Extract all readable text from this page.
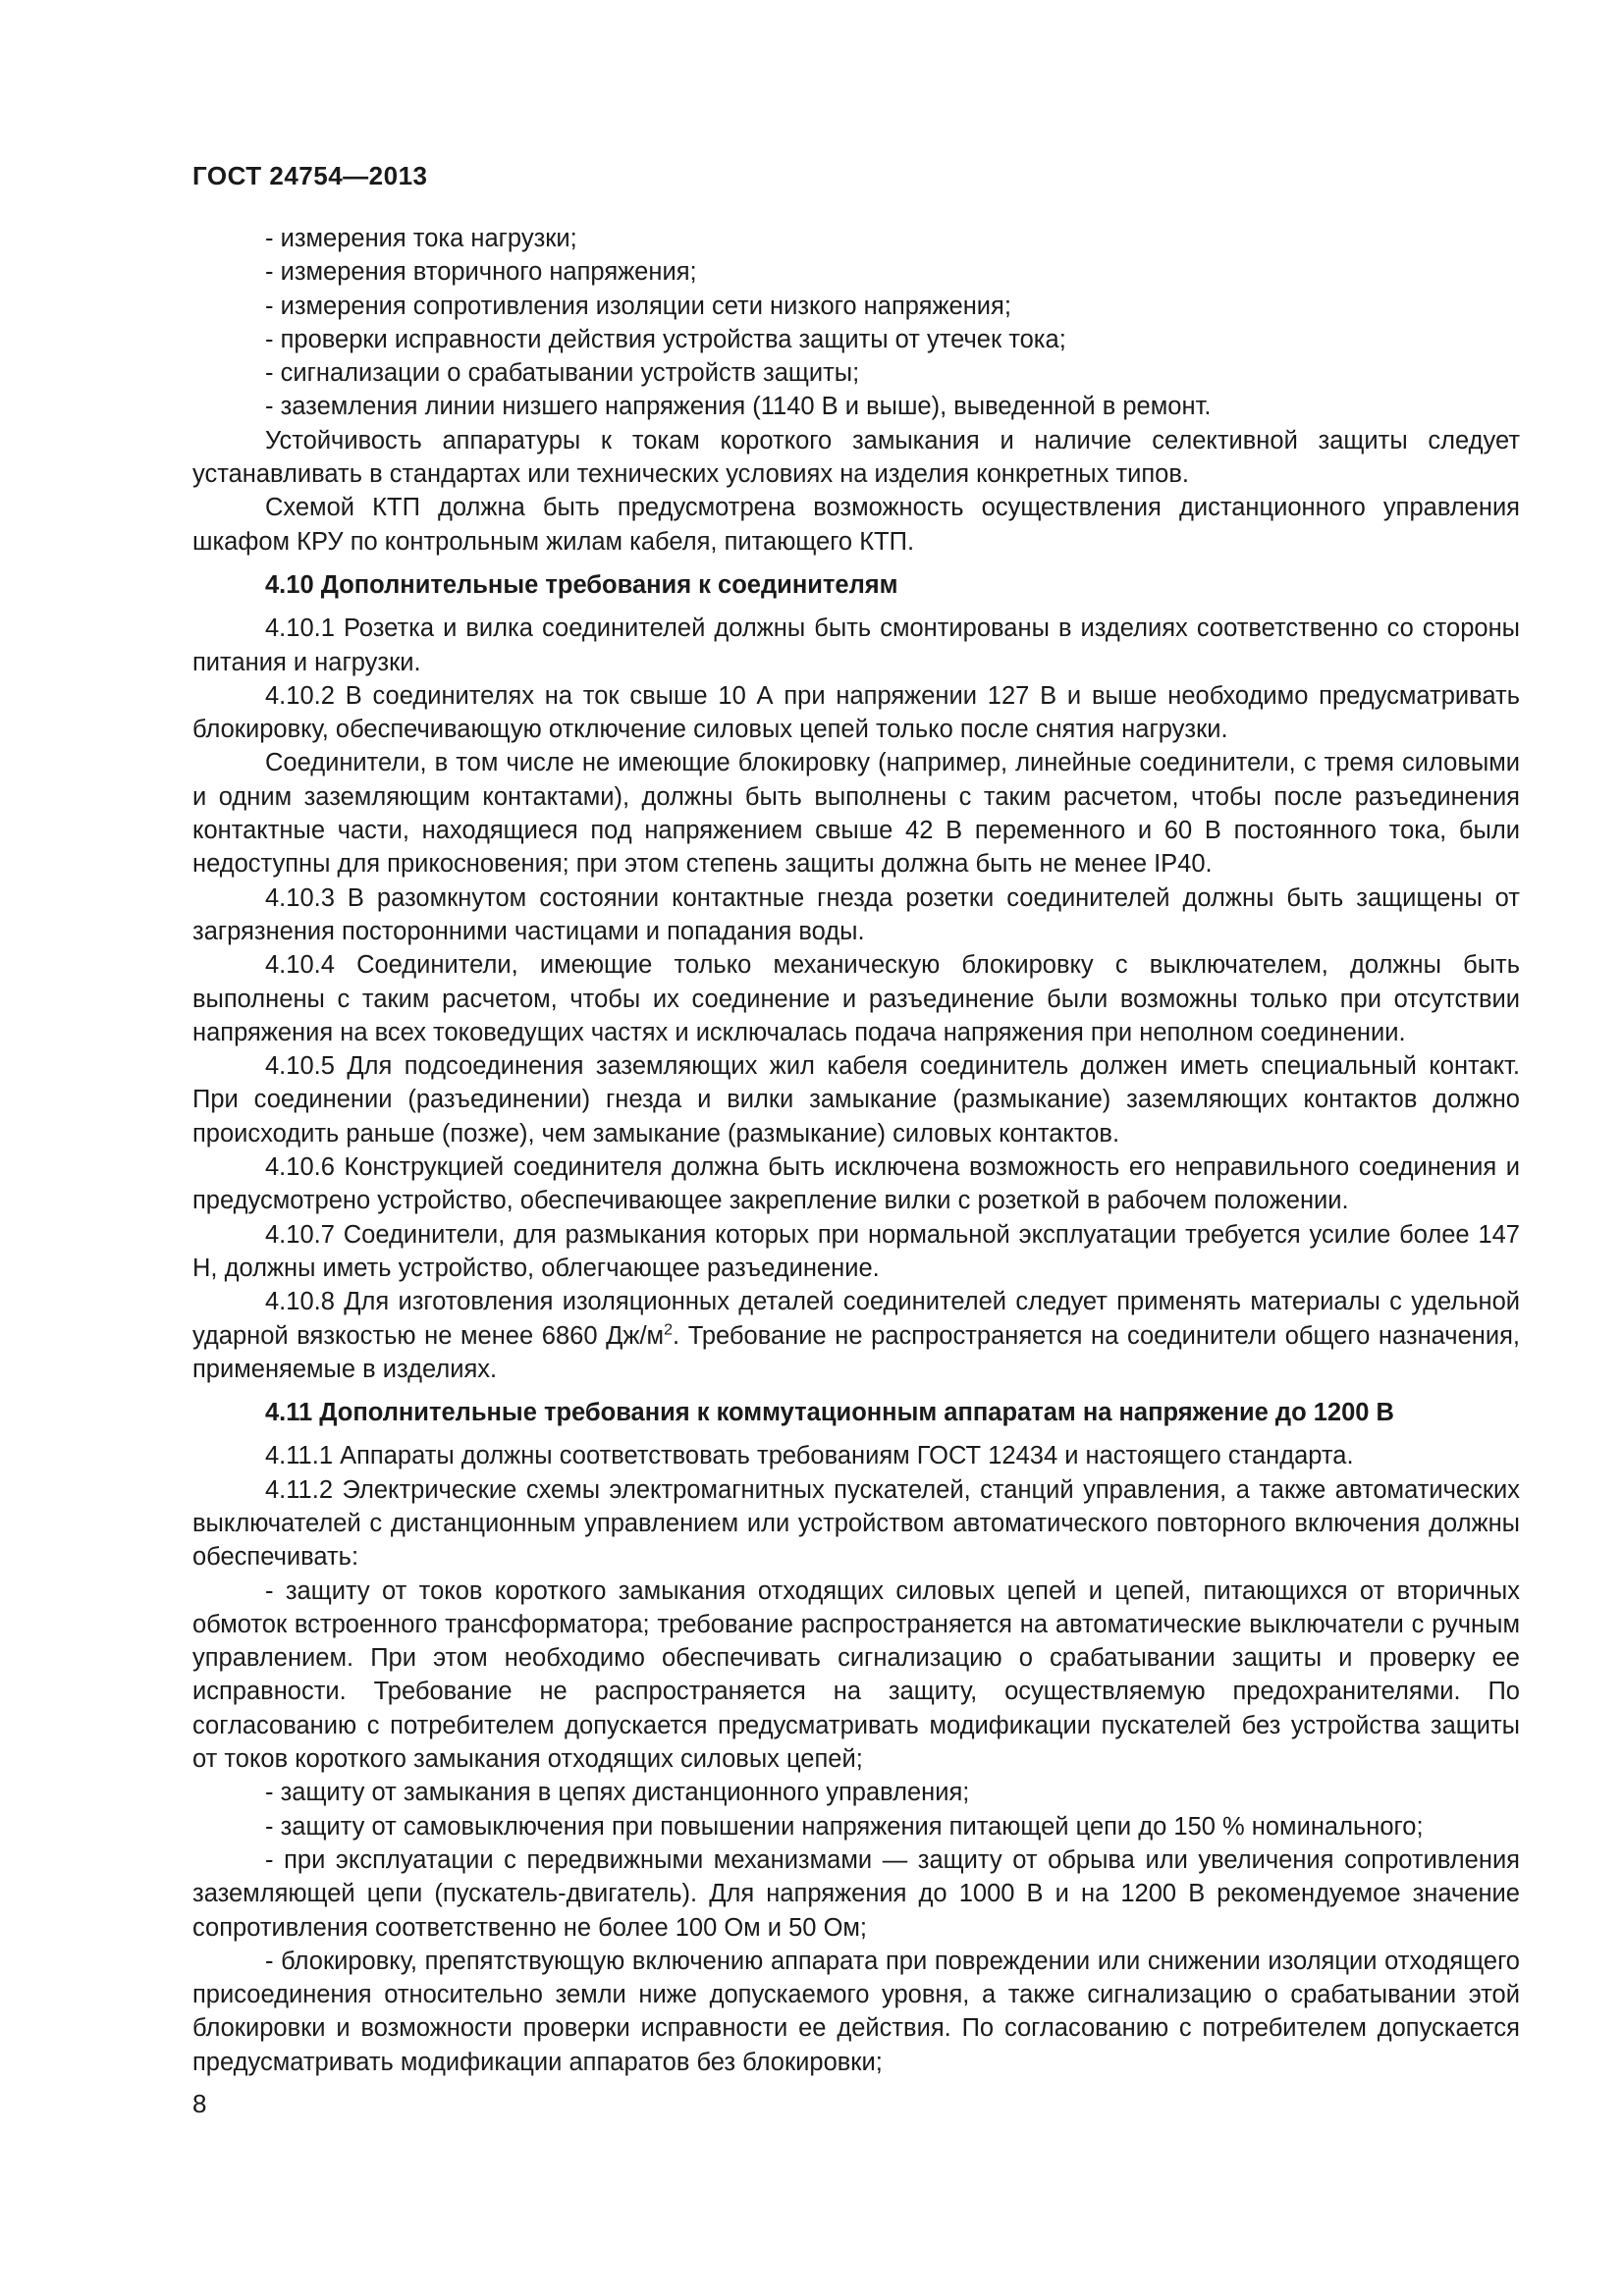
ГОСТ 24754—2013

- измерения тока нагрузки;

- измерения вторичного напряжения;

- измерения сопротивления изоляции сети низкого напряжения;

- проверки исправности действия устройства защиты от утечек тока;

- сигнализации о срабатывании устройств защиты;

- заземления линии низшего напряжения (1140 В и выше), выведенной в ремонт.

Устойчивость аппаратуры к токам короткого замыкания и наличие селективной защиты следует устанавливать в стандартах или технических условиях на изделия конкретных типов.

Схемой КТП должна быть предусмотрена возможность осуществления дистанционного управления шкафом КРУ по контрольным жилам кабеля, питающего КТП.

4.10 Дополнительные требования к соединителям

4.10.1 Розетка и вилка соединителей должны быть смонтированы в изделиях соответственно со стороны питания и нагрузки.

4.10.2 В соединителях на ток свыше 10 А при напряжении 127 В и выше необходимо предусматривать блокировку, обеспечивающую отключение силовых цепей только после снятия нагрузки.

Соединители, в том числе не имеющие блокировку (например, линейные соединители, с тремя силовыми и одним заземляющим контактами), должны быть выполнены с таким расчетом, чтобы после разъединения контактные части, находящиеся под напряжением свыше 42 В переменного и 60 В постоянного тока, были недоступны для прикосновения; при этом степень защиты должна быть не менее IP40.

4.10.3 В разомкнутом состоянии контактные гнезда розетки соединителей должны быть защищены от загрязнения посторонними частицами и попадания воды.

4.10.4 Соединители, имеющие только механическую блокировку с выключателем, должны быть выполнены с таким расчетом, чтобы их соединение и разъединение были возможны только при отсутствии напряжения на всех токоведущих частях и исключалась подача напряжения при неполном соединении.

4.10.5 Для подсоединения заземляющих жил кабеля соединитель должен иметь специальный контакт. При соединении (разъединении) гнезда и вилки замыкание (размыкание) заземляющих контактов должно происходить раньше (позже), чем замыкание (размыкание) силовых контактов.

4.10.6 Конструкцией соединителя должна быть исключена возможность его неправильного соединения и предусмотрено устройство, обеспечивающее закрепление вилки с розеткой в рабочем положении.

4.10.7 Соединители, для размыкания которых при нормальной эксплуатации требуется усилие более 147 Н, должны иметь устройство, облегчающее разъединение.

4.10.8 Для изготовления изоляционных деталей соединителей следует применять материалы с удельной ударной вязкостью не менее 6860 $Дж/м^2$. Требование не распространяется на соединители общего назначения, применяемые в изделиях.

4.11 Дополнительные требования к коммутационным аппаратам на напряжение до 1200 В

4.11.1 Аппараты должны соответствовать требованиям ГОСТ 12434 и настоящего стандарта.

4.11.2 Электрические схемы электромагнитных пускателей, станций управления, а также автоматических выключателей с дистанционным управлением или устройством автоматического повторного включения должны обеспечивать:

- защиту от токов короткого замыкания отходящих силовых цепей и цепей, питающихся от вторичных обмоток встроенного трансформатора; требование распространяется на автоматические выключатели с ручным управлением. При этом необходимо обеспечивать сигнализацию о срабатывании защиты и проверку ее исправности. Требование не распространяется на защиту, осуществляемую предохранителями. По согласованию с потребителем допускается предусматривать модификации пускателей без устройства защиты от токов короткого замыкания отходящих силовых цепей;

- защиту от замыкания в цепях дистанционного управления;

- защиту от самовыключения при повышении напряжения питающей цепи до 150 % номинального;

- при эксплуатации с передвижными механизмами — защиту от обрыва или увеличения сопротивления заземляющей цепи (пускатель-двигатель). Для напряжения до 1000 В и на 1200 В рекомендуемое значение сопротивления соответственно не более 100 Ом и 50 Ом;

- блокировку, препятствующую включению аппарата при повреждении или снижении изоляции отходящего присоединения относительно земли ниже допускаемого уровня, а также сигнализацию о срабатывании этой блокировки и возможности проверки исправности ее действия. По согласованию с потребителем допускается предусматривать модификации аппаратов без блокировки;

8
